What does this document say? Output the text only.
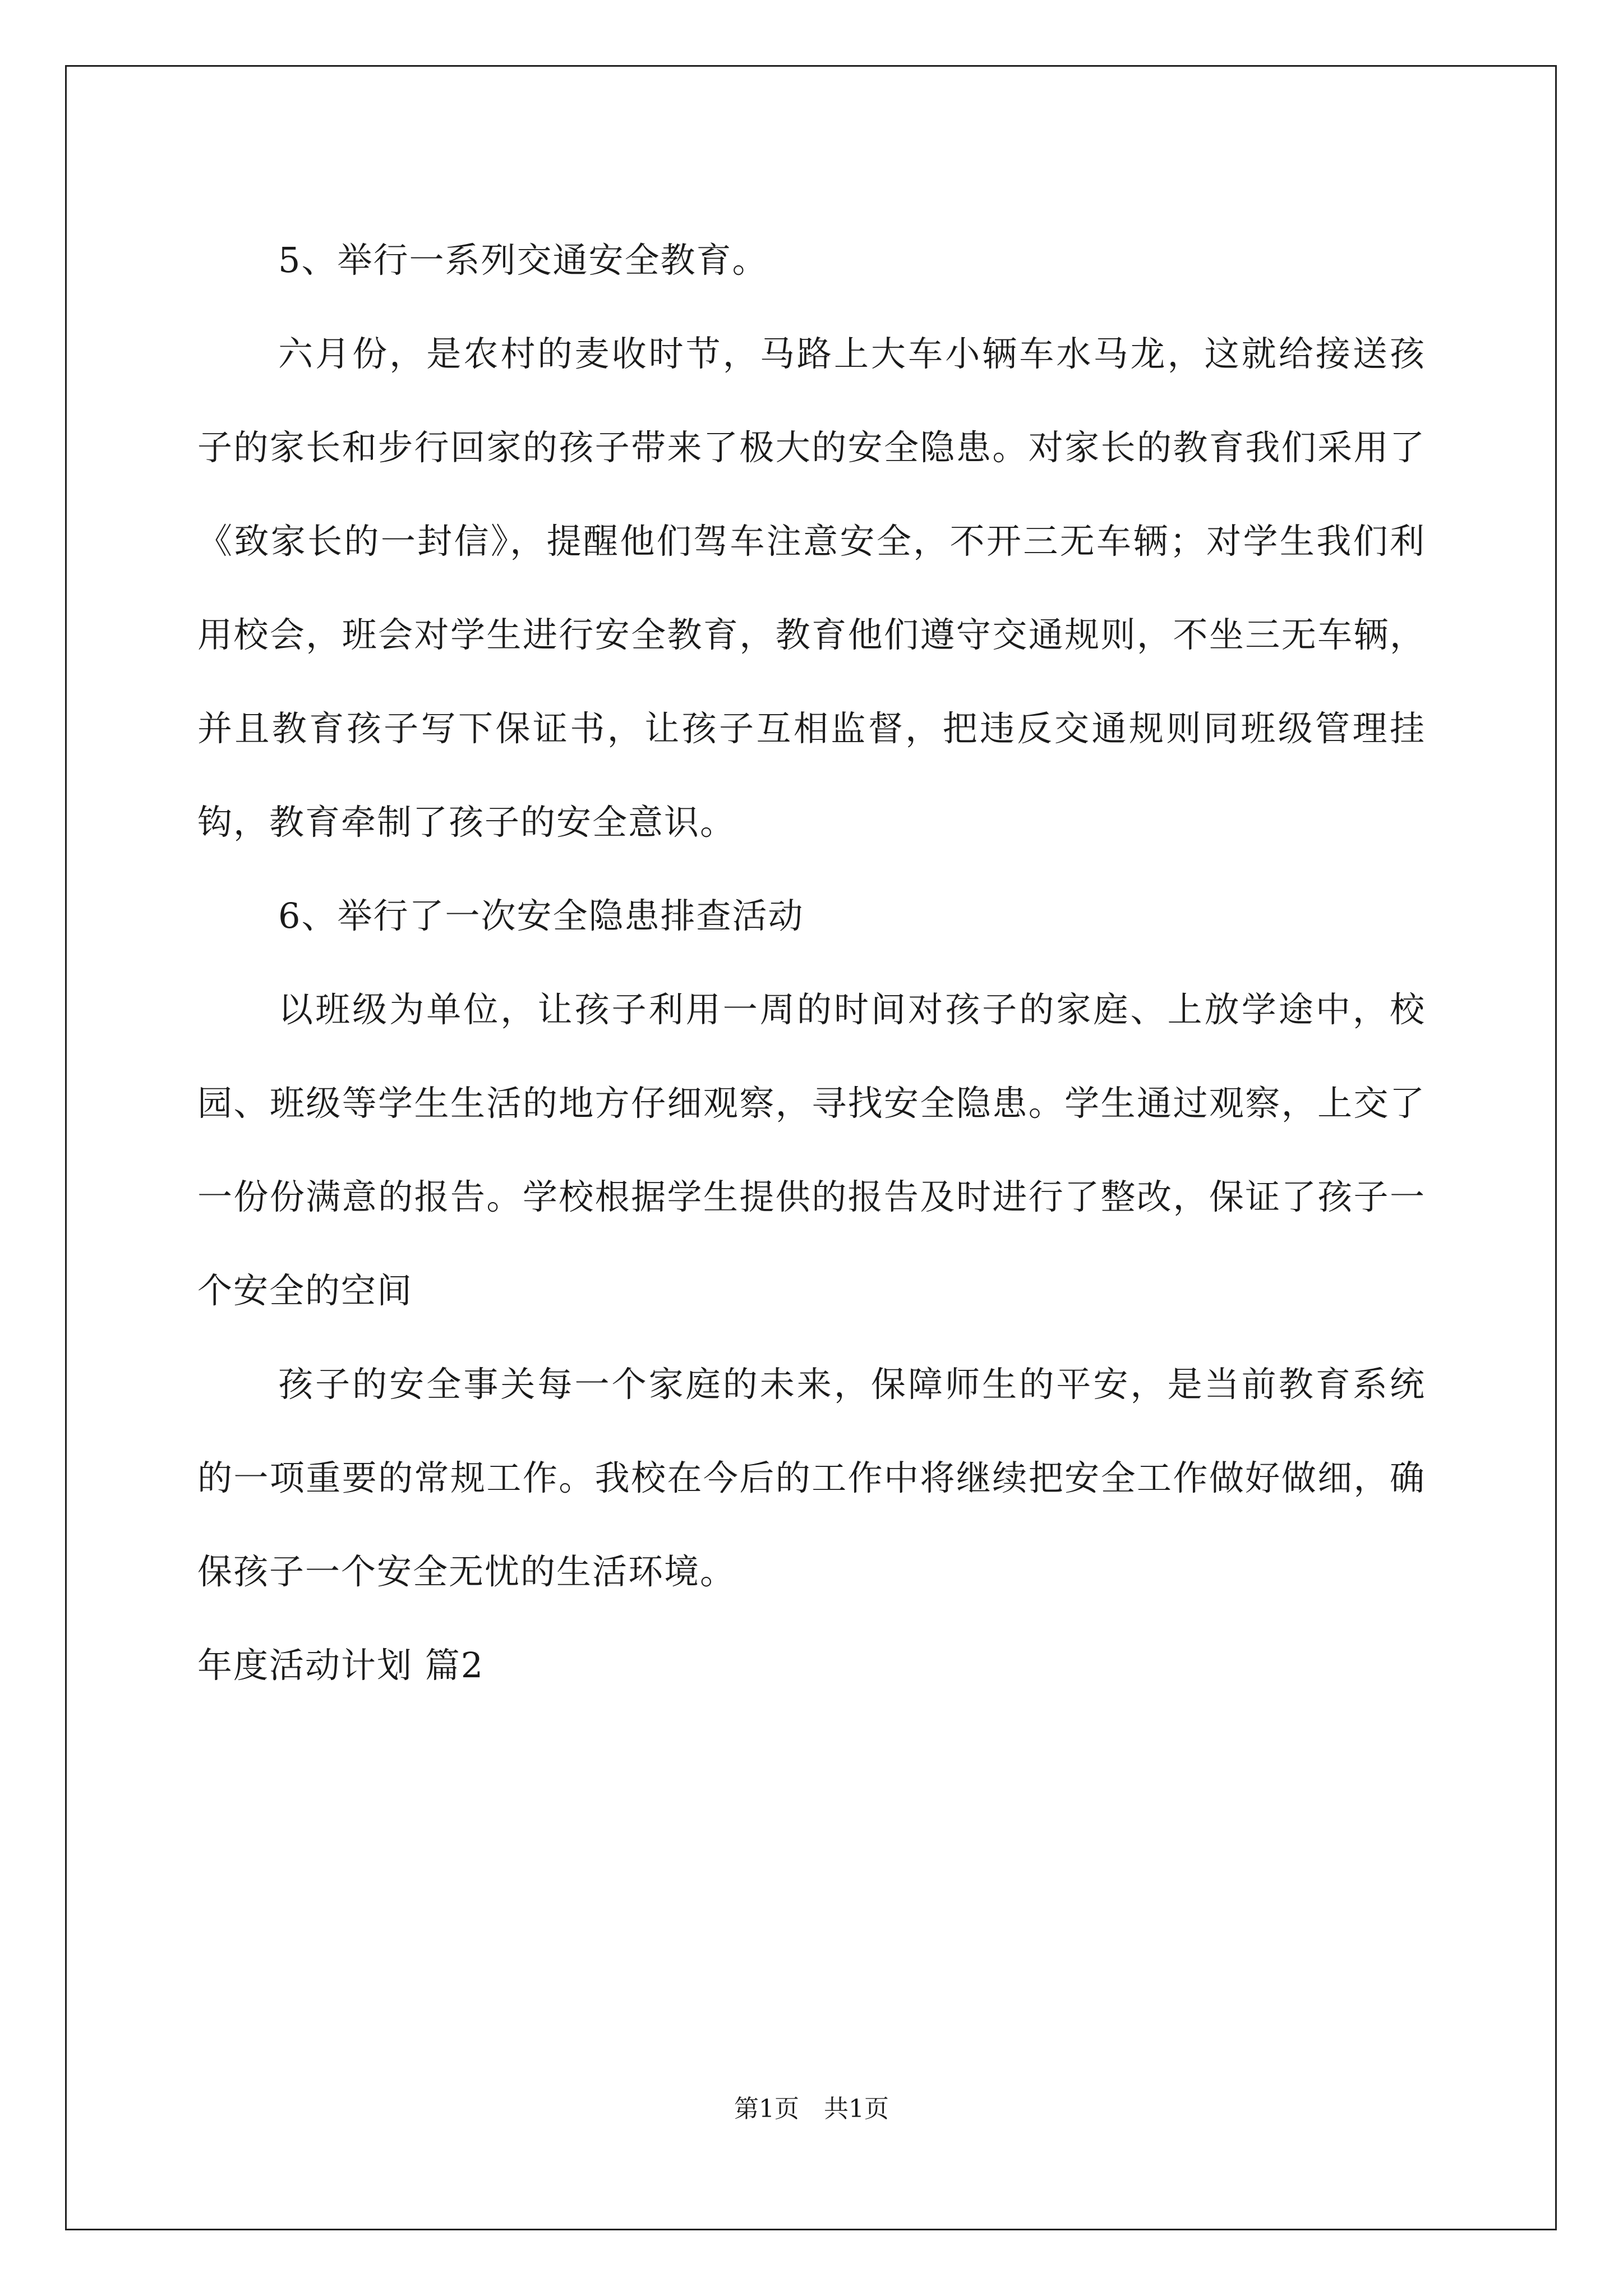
5、举行一系列交通安全教育。

六月份，是农村的麦收时节，马路上大车小辆车水马龙，这就给接送孩子的家长和步行回家的孩子带来了极大的安全隐患。对家长的教育我们采用了《致家长的一封信》，提醒他们驾车注意安全，不开三无车辆；对学生我们利用校会，班会对学生进行安全教育，教育他们遵守交通规则，不坐三无车辆，并且教育孩子写下保证书，让孩子互相监督，把违反交通规则同班级管理挂钩，教育牵制了孩子的安全意识。

6、举行了一次安全隐患排查活动

以班级为单位，让孩子利用一周的时间对孩子的家庭、上放学途中，校园、班级等学生生活的地方仔细观察，寻找安全隐患。学生通过观察，上交了一份份满意的报告。学校根据学生提供的报告及时进行了整改，保证了孩子一个安全的空间

孩子的安全事关每一个家庭的未来，保障师生的平安，是当前教育系统的一项重要的常规工作。我校在今后的工作中将继续把安全工作做好做细，确保孩子一个安全无忧的生活环境。

年度活动计划 篇2

第1页　共1页
